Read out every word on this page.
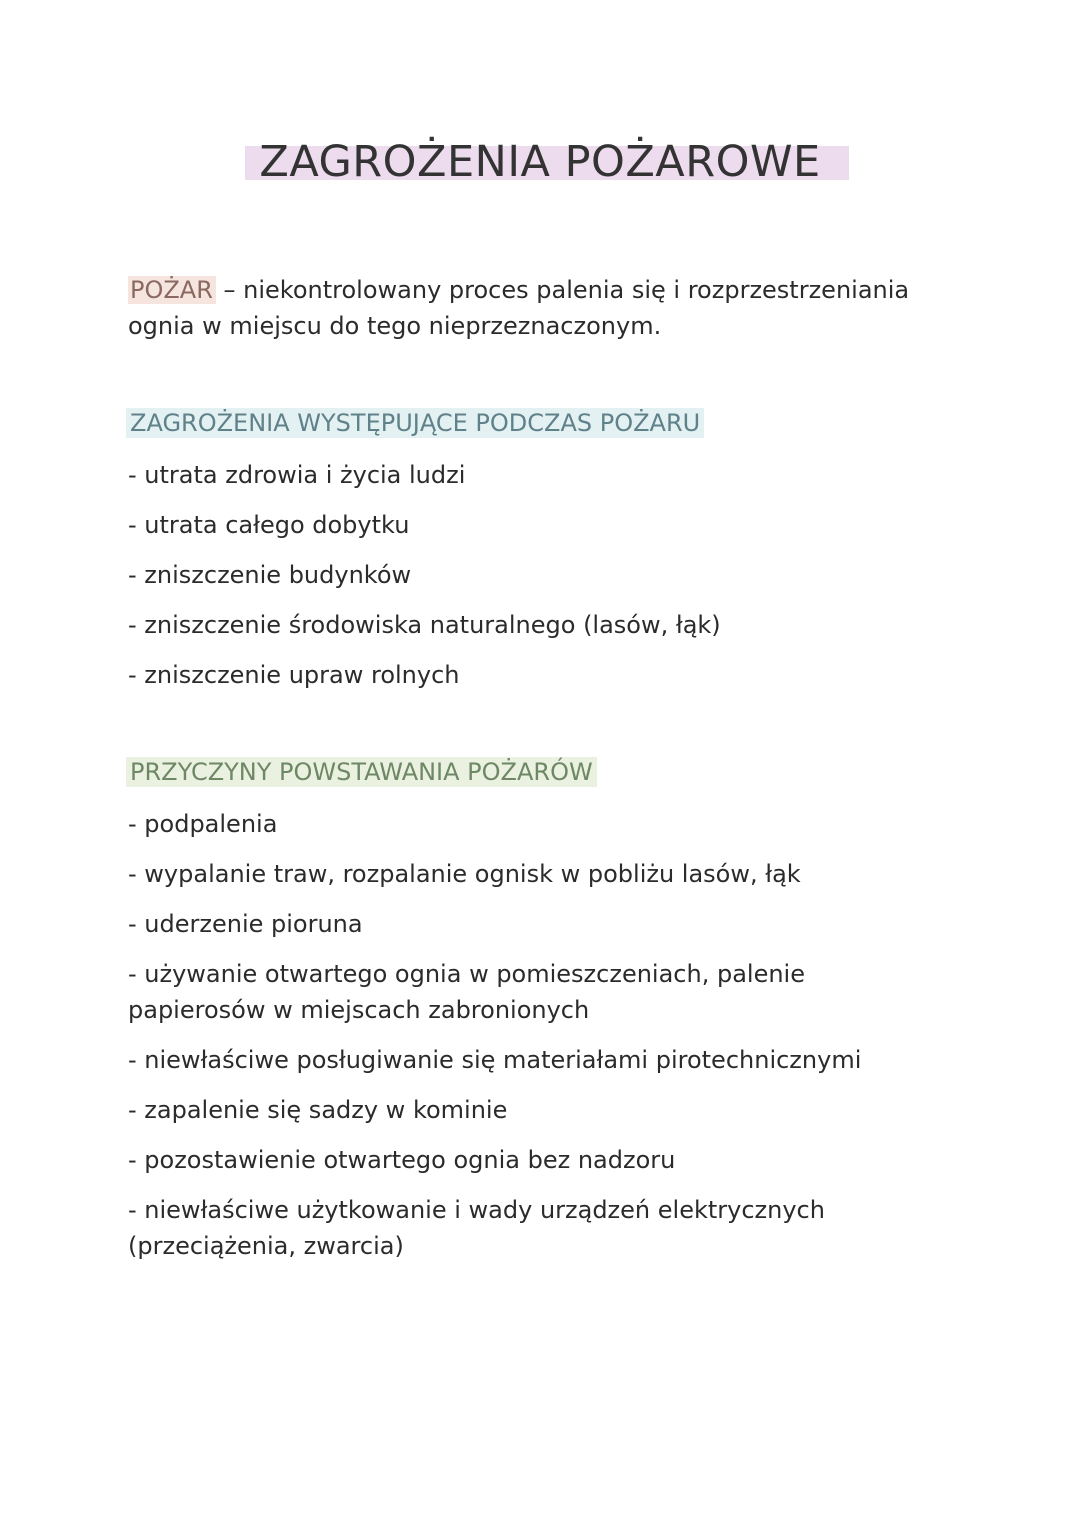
ZAGROŻENIA POŻAROWE

POŻAR – niekontrolowany proces palenia się i rozprzestrzeniania ognia w miejscu do tego nieprzeznaczonym.

ZAGROŻENIA WYSTĘPUJĄCE PODCZAS POŻARU
- utrata zdrowia i życia ludzi
- utrata całego dobytku
- zniszczenie budynków
- zniszczenie środowiska naturalnego (lasów, łąk)
- zniszczenie upraw rolnych
PRZYCZYNY POWSTAWANIA POŻARÓW
- podpalenia
- wypalanie traw, rozpalanie ognisk w pobliżu lasów, łąk
- uderzenie pioruna
- używanie otwartego ognia w pomieszczeniach, palenie papierosów w miejscach zabronionych
- niewłaściwe posługiwanie się materiałami pirotechnicznymi
- zapalenie się sadzy w kominie
- pozostawienie otwartego ognia bez nadzoru
- niewłaściwe użytkowanie i wady urządzeń elektrycznych (przeciążenia, zwarcia)
